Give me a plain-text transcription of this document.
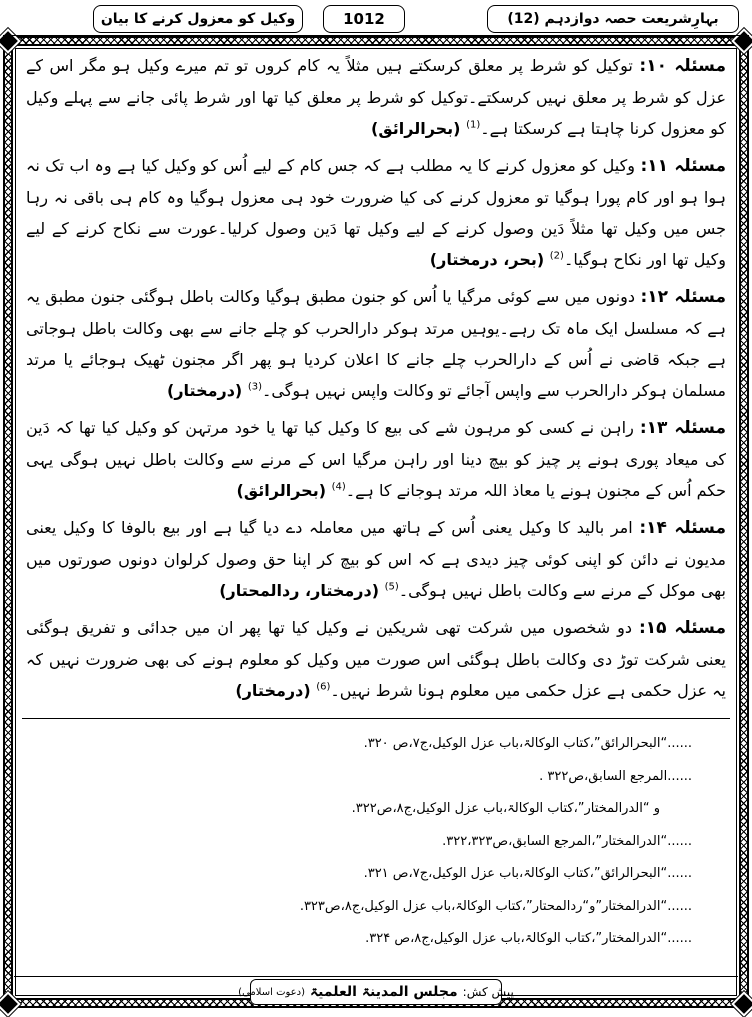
بہارِشریعت حصہ دوازدہم (12)
1012
وکیل کو معزول کرنے کا بیان

مسئلہ ۱۰: توکیل کو شرط پر معلق کرسکتے ہیں مثلاً یہ کام کروں تو تم میرے وکیل ہو مگر اس کے عزل کو شرط پر معلق نہیں کرسکتے۔توکیل کو شرط پر معلق کیا تھا اور شرط پائی جانے سے پہلے وکیل کو معزول کرنا چاہتا ہے کرسکتا ہے۔$^{(1)}$ (بحرالرائق)

مسئلہ ۱۱: وکیل کو معزول کرنے کا یہ مطلب ہے کہ جس کام کے لیے اُس کو وکیل کیا ہے وہ اب تک نہ ہوا ہو اور کام پورا ہوگیا تو معزول کرنے کی کیا ضرورت خود ہی معزول ہوگیا وہ کام ہی باقی نہ رہا جس میں وکیل تھا مثلاً دَین وصول کرنے کے لیے وکیل تھا دَین وصول کرلیا۔عورت سے نکاح کرنے کے لیے وکیل تھا اور نکاح ہوگیا۔$^{(2)}$ (بحر، درمختار)

مسئلہ ۱۲: دونوں میں سے کوئی مرگیا یا اُس کو جنون مطبق ہوگیا وکالت باطل ہوگئی جنون مطبق یہ ہے کہ مسلسل ایک ماہ تک رہے۔یوہیں مرتد ہوکر دارالحرب کو چلے جانے سے بھی وکالت باطل ہوجاتی ہے جبکہ قاضی نے اُس کے دارالحرب چلے جانے کا اعلان کردیا ہو پھر اگر مجنون ٹھیک ہوجائے یا مرتد مسلمان ہوکر دارالحرب سے واپس آجائے تو وکالت واپس نہیں ہوگی۔$^{(3)}$ (درمختار)

مسئلہ ۱۳: راہن نے کسی کو مرہون شے کی بیع کا وکیل کیا تھا یا خود مرتہن کو وکیل کیا تھا کہ دَین کی میعاد پوری ہونے پر چیز کو بیچ دینا اور راہن مرگیا اس کے مرنے سے وکالت باطل نہیں ہوگی یہی حکم اُس کے مجنون ہونے یا معاذ اللہ مرتد ہوجانے کا ہے۔$^{(4)}$ (بحرالرائق)

مسئلہ ۱۴: امر بالید کا وکیل یعنی اُس کے ہاتھ میں معاملہ دے دیا گیا ہے اور بیع بالوفا کا وکیل یعنی مدیون نے دائن کو اپنی کوئی چیز دیدی ہے کہ اس کو بیچ کر اپنا حق وصول کرلوان دونوں صورتوں میں بھی موکل کے مرنے سے وکالت باطل نہیں ہوگی۔$^{(5)}$ (درمختار، ردالمحتار)

مسئلہ ۱۵: دو شخصوں میں شرکت تھی شریکین نے وکیل کیا تھا پھر ان میں جدائی و تفریق ہوگئی یعنی شرکت توڑ دی وکالت باطل ہوگئی اس صورت میں وکیل کو معلوم ہونے کی بھی ضرورت نہیں کہ یہ عزل حکمی ہے عزل حکمی میں معلوم ہونا شرط نہیں۔$^{(6)}$ (درمختار)

......“البحرالرائق”،کتاب الوکالۃ،باب عزل الوکیل،ج۷،ص ۳۲۰.
......المرجع السابق،ص۳۲۲ .
و “الدرالمختار”،کتاب الوکالۃ،باب عزل الوکیل،ج۸،ص۳۲۲.
......“الدرالمختار”،المرجع السابق،ص۳۲۲،۳۲۳.
......“البحرالرائق”،کتاب الوکالۃ،باب عزل الوکیل،ج۷،ص ۳۲۱.
......“الدرالمختار”و“ردالمحتار”،کتاب الوکالۃ،باب عزل الوکیل،ج۸،ص۳۲۳.
......“الدرالمختار”،کتاب الوکالۃ،باب عزل الوکیل،ج۸،ص ۳۲۴.
پیش کش:
مجلس المدینۃ العلمیۃ
(دعوت اسلامی)
